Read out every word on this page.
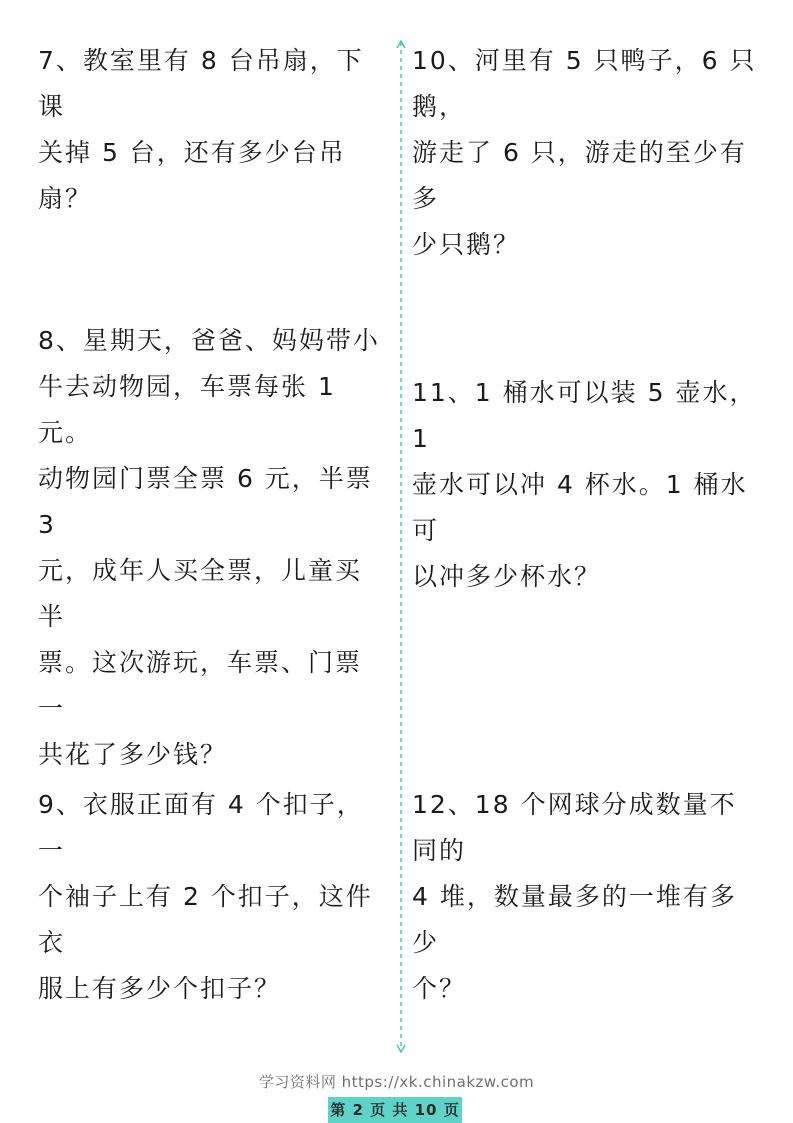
7、教室里有 8 台吊扇，下课
关掉 5 台，还有多少台吊扇？

8、星期天，爸爸、妈妈带小
牛去动物园，车票每张 1 元。
动物园门票全票 6 元，半票 3
元，成年人买全票，儿童买半
票。这次游玩，车票、门票一
共花了多少钱？

9、衣服正面有 4 个扣子，一
个袖子上有 2 个扣子，这件衣
服上有多少个扣子？

10、河里有 5 只鸭子，6 只鹅，
游走了 6 只，游走的至少有多
少只鹅？

11、1 桶水可以装 5 壶水，1
壶水可以冲 4 杯水。1 桶水可
以冲多少杯水？

12、18 个网球分成数量不同的
4 堆，数量最多的一堆有多少
个？

学习资料网 https://xk.chinakzw.com
第 2 页 共 10 页
